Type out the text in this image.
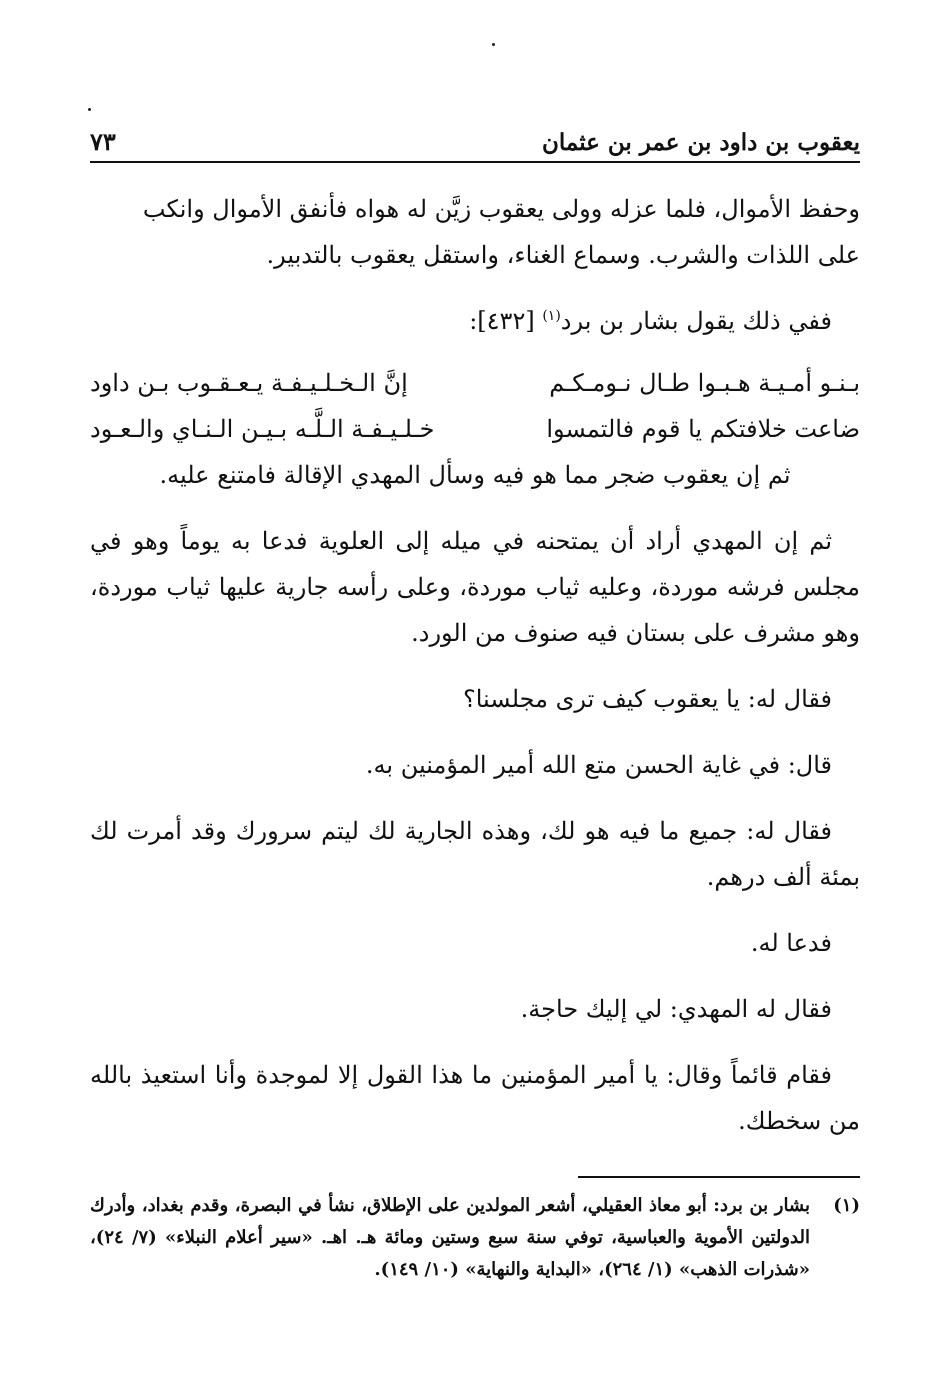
يعقوب بن داود بن عمر بن عثمان
٧٣

وحفظ الأموال، فلما عزله وولى يعقوب زيَّن له هواه فأنفق الأموال وانكب
على اللذات والشرب. وسماع الغناء، واستقل يعقوب بالتدبير.

ففي ذلك يقول بشار بن برد$^{(١)}$ [٤٣٢]:

بـنـو أمـيـة هـبـوا طـال نـومـكـم
إنَّ الـخـلـيـفـة يـعـقـوب بـن داود
ضاعت خلافتكم يا قوم فالتمسوا
خـلـيـفـة الـلَّـه بـيـن الـنـاي والـعـود

ثم إن يعقوب ضجر مما هو فيه وسأل المهدي الإقالة فامتنع عليه.

ثم إن المهدي أراد أن يمتحنه في ميله إلى العلوية فدعا به يوماً وهو في مجلس فرشه موردة، وعليه ثياب موردة، وعلى رأسه جارية عليها ثياب موردة، وهو مشرف على بستان فيه صنوف من الورد.

فقال له: يا يعقوب كيف ترى مجلسنا؟

قال: في غاية الحسن متع الله أمير المؤمنين به.

فقال له: جميع ما فيه هو لك، وهذه الجارية لك ليتم سرورك وقد أمرت لك بمئة ألف درهم.

فدعا له.

فقال له المهدي: لي إليك حاجة.

فقام قائماً وقال: يا أمير المؤمنين ما هذا القول إلا لموجدة وأنا استعيذ بالله من سخطك.

(١)
بشار بن برد: أبو معاذ العقيلي، أشعر المولدين على الإطلاق، نشأ في البصرة، وقدم بغداد، وأدرك الدولتين الأموية والعباسية، توفي سنة سبع وستين ومائة هـ. اهـ. «سير أعلام النبلاء» (٧/ ٢٤)، «شذرات الذهب» (١/ ٢٦٤)، «البداية والنهاية» (١٠/ ١٤٩).
